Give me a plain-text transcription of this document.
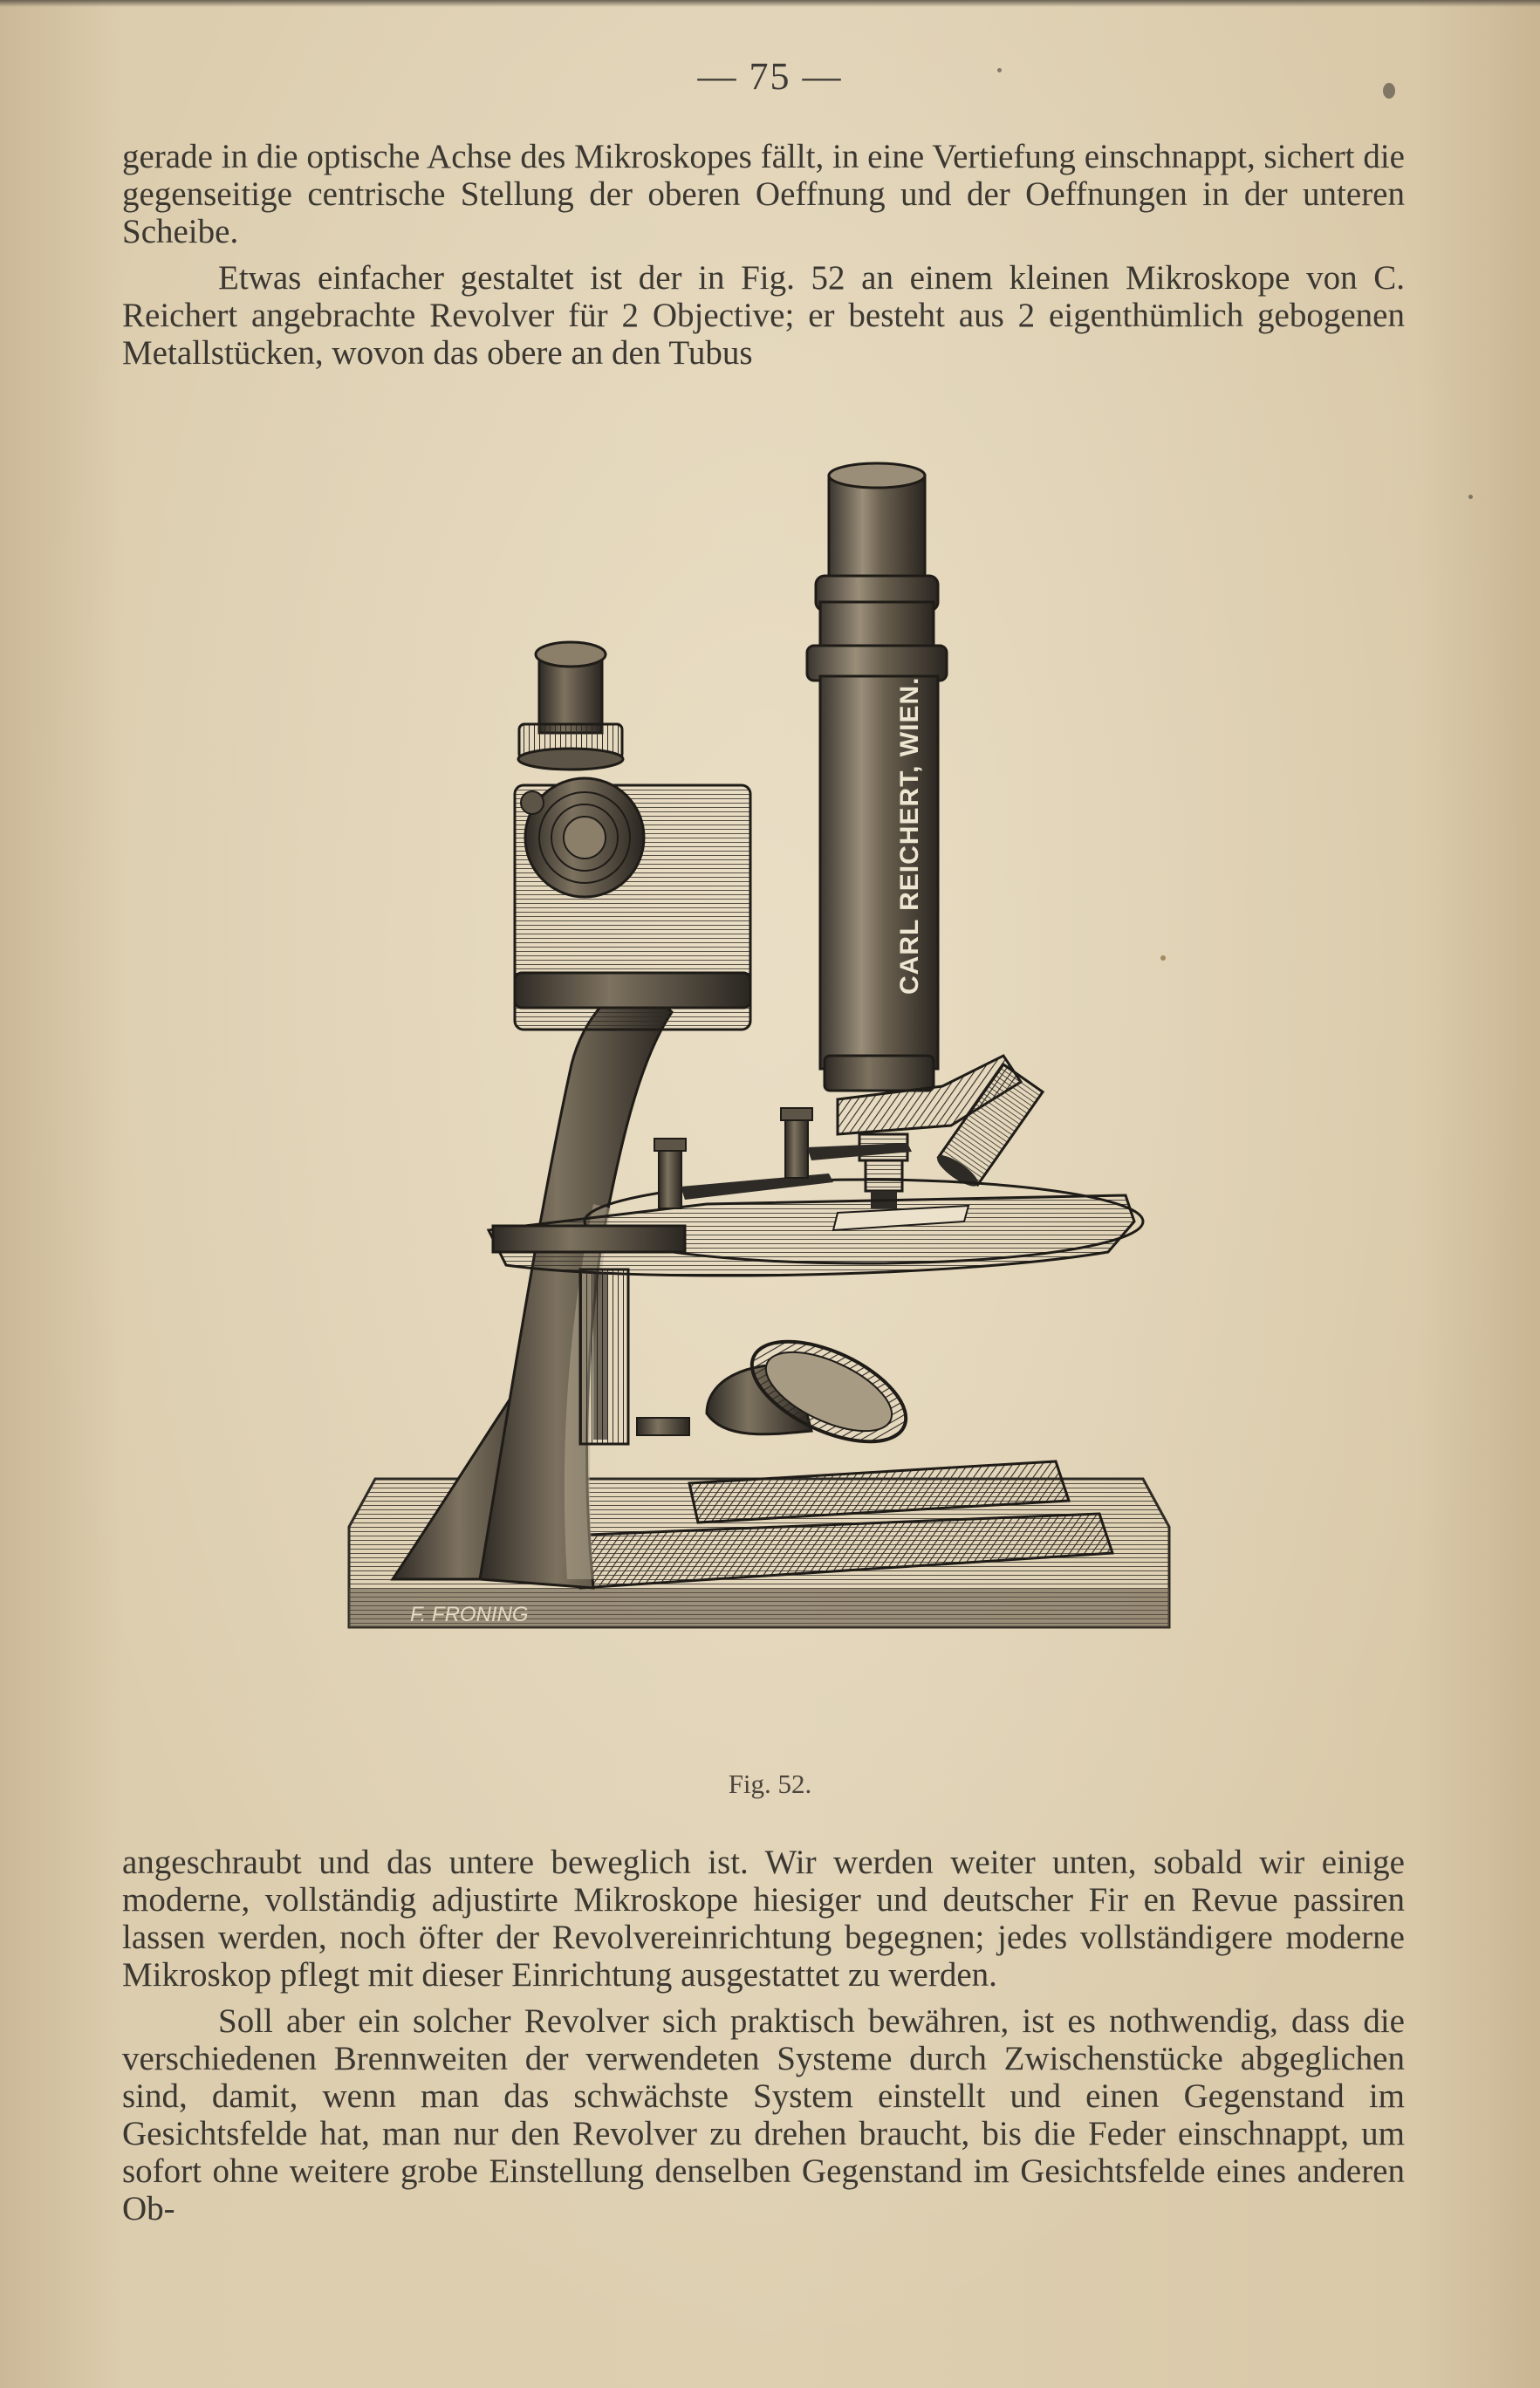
— 75 —

gerade in die optische Achse des Mikroskopes fällt, in eine Vertiefung einschnappt, sichert die gegenseitige centrische Stellung der oberen Oeffnung und der Oeffnungen in der unteren Scheibe.

Etwas einfacher gestaltet ist der in Fig. 52 an einem kleinen Mikroskope von C. Reichert angebrachte Revolver für 2 Objective; er besteht aus 2 eigenthümlich gebogenen Metallstücken, wovon das obere an den Tubus

CARL REICHERT, WIEN.
F. FRONING
Fig. 52.

angeschraubt und das untere beweglich ist. Wir werden weiter unten, sobald wir einige moderne, vollständig adjustirte Mikroskope hiesiger und deutscher Fir en Revue passiren lassen werden, noch öfter der Revolvereinrichtung begegnen; jedes vollständigere moderne Mikroskop pflegt mit dieser Einrichtung ausgestattet zu werden.

Soll aber ein solcher Revolver sich praktisch bewähren, ist es nothwendig, dass die verschiedenen Brennweiten der verwendeten Systeme durch Zwischenstücke abgeglichen sind, damit, wenn man das schwächste System einstellt und einen Gegenstand im Gesichtsfelde hat, man nur den Revolver zu drehen braucht, bis die Feder einschnappt, um sofort ohne weitere grobe Einstellung denselben Gegenstand im Gesichtsfelde eines anderen Ob-
